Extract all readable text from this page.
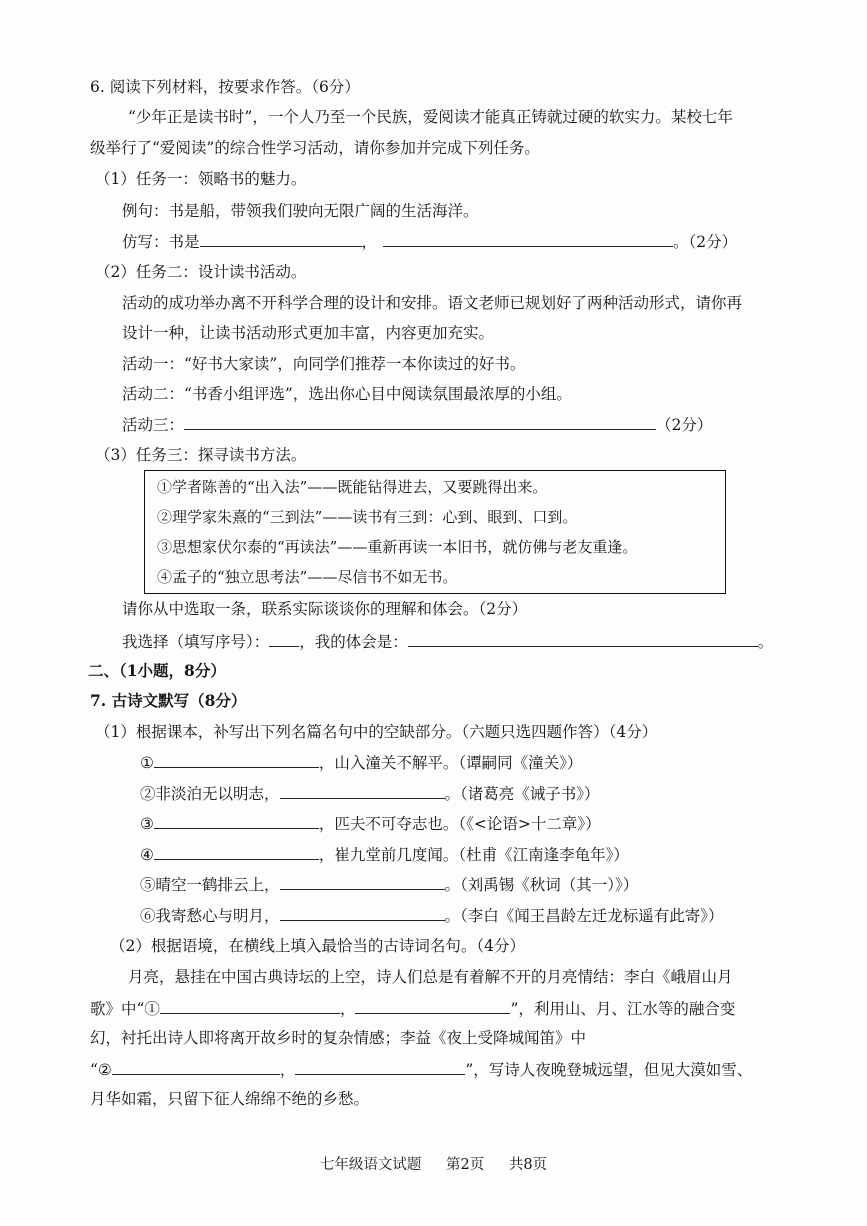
6. 阅读下列材料，按要求作答。（6分）
“少年正是读书时”，一个人乃至一个民族，爱阅读才能真正铸就过硬的软实力。某校七年
级举行了“爱阅读”的综合性学习活动，请你参加并完成下列任务。
（1）任务一：领略书的魅力。
例句：书是船，带领我们驶向无限广阔的生活海洋。
仿写：书是	，	。（2分）
（2）任务二：设计读书活动。
活动的成功举办离不开科学合理的设计和安排。语文老师已规划好了两种活动形式，请你再
设计一种，让读书活动形式更加丰富，内容更加充实。
活动一：“好书大家读”，向同学们推荐一本你读过的好书。
活动二：“书香小组评选”，选出你心目中阅读氛围最浓厚的小组。
活动三：	（2分）
（3）任务三：探寻读书方法。
①学者陈善的“出入法”——既能钻得进去，又要跳得出来。
②理学家朱熹的“三到法”——读书有三到：心到、眼到、口到。
③思想家伏尔泰的“再读法”——重新再读一本旧书，就仿佛与老友重逢。
④孟子的“独立思考法”——尽信书不如无书。
请你从中选取一条，联系实际谈谈你的理解和体会。（2分）
我选择（填写序号）： ，我的体会是：	。
二、（1小题，8分）
7. 古诗文默写（8分）
（1）根据课本，补写出下列名篇名句中的空缺部分。（六题只选四题作答）（4分）
①	，山入潼关不解平。（谭嗣同《潼关》）
②非淡泊无以明志，	。（诸葛亮《诫子书》）
③	，匹夫不可夺志也。（《<论语>十二章》）
④	，崔九堂前几度闻。（杜甫《江南逢李龟年》）
⑤晴空一鹤排云上，	。（刘禹锡《秋词（其一）》）
⑥我寄愁心与明月，	。（李白《闻王昌龄左迁龙标遥有此寄》）
（2）根据语境，在横线上填入最恰当的古诗词名句。（4分）
月亮，悬挂在中国古典诗坛的上空，诗人们总是有着解不开的月亮情结：李白《峨眉山月
歌》中“①	，	”，利用山、月、江水等的融合变
幻，衬托出诗人即将离开故乡时的复杂情感；李益《夜上受降城闻笛》中
“②	，	”，写诗人夜晚登城远望，但见大漠如雪、
月华如霜，只留下征人绵绵不绝的乡愁。
七年级语文试题 第2页 共8页
